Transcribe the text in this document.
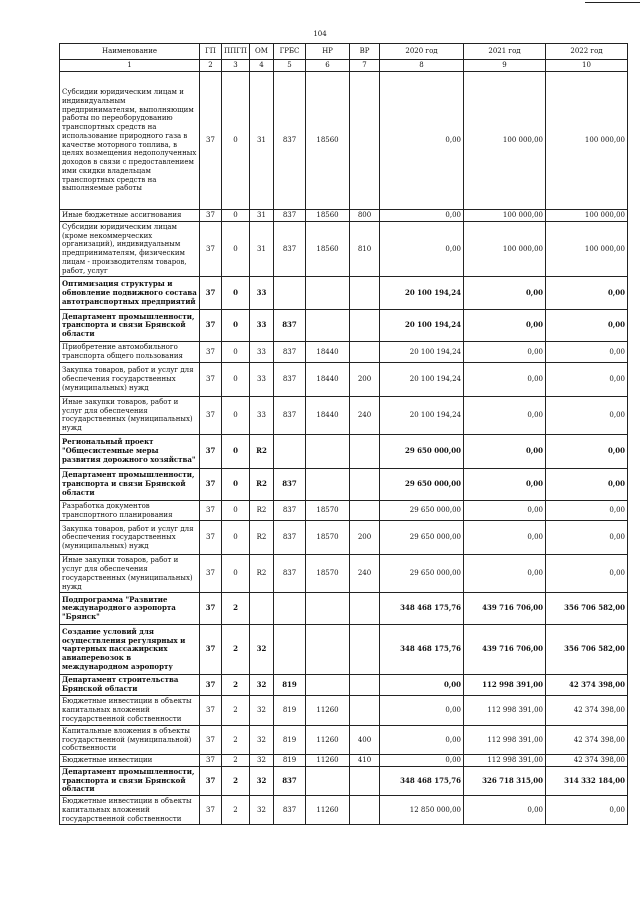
104
Наименование	ГП	ППГП	ОМ	ГРБС	НР	ВР	2020 год	2021 год	2022 год
1	2	3	4	5	6	7	8	9	10
Субсидии юридическим лицам и индивидуальным предпринимателям, выполняющим работы по переоборудованию транспортных средств на использование природного газа в качестве моторного топлива, в целях возмещения недополученных доходов в связи с предоставлением ими скидки владельцам транспортных средств на выполняемые работы	37	0	31	837	18560		0,00	100 000,00	100 000,00
Иные бюджетные ассигнования	37	0	31	837	18560	800	0,00	100 000,00	100 000,00
Субсидии юридическим лицам (кроме некоммерческих организаций), индивидуальным предпринимателям, физическим лицам - производителям товаров, работ, услуг	37	0	31	837	18560	810	0,00	100 000,00	100 000,00
Оптимизация структуры и обновление подвижного состава автотранспортных предприятий	37	0	33				20 100 194,24	0,00	0,00
Департамент промышленности, транспорта и связи Брянской области	37	0	33	837			20 100 194,24	0,00	0,00
Приобретение автомобильного транспорта общего пользования	37	0	33	837	18440		20 100 194,24	0,00	0,00
Закупка товаров, работ и услуг для обеспечения государственных (муниципальных) нужд	37	0	33	837	18440	200	20 100 194,24	0,00	0,00
Иные закупки товаров, работ и услуг для обеспечения государственных (муниципальных) нужд	37	0	33	837	18440	240	20 100 194,24	0,00	0,00
Региональный проект "Общесистемные меры развития дорожного хозяйства"	37	0	R2				29 650 000,00	0,00	0,00
Департамент промышленности, транспорта и связи Брянской области	37	0	R2	837			29 650 000,00	0,00	0,00
Разработка документов транспортного планирования	37	0	R2	837	18570		29 650 000,00	0,00	0,00
Закупка товаров, работ и услуг для обеспечения государственных (муниципальных) нужд	37	0	R2	837	18570	200	29 650 000,00	0,00	0,00
Иные закупки товаров, работ и услуг для обеспечения государственных (муниципальных) нужд	37	0	R2	837	18570	240	29 650 000,00	0,00	0,00
Подпрограмма "Развитие международного аэропорта "Брянск"	37	2					348 468 175,76	439 716 706,00	356 706 582,00
Создание условий для осуществления регулярных и чартерных пассажирских авиаперевозок в международном аэропорту	37	2	32				348 468 175,76	439 716 706,00	356 706 582,00
Департамент строительства Брянской области	37	2	32	819			0,00	112 998 391,00	42 374 398,00
Бюджетные инвестиции в объекты капитальных вложений государственной собственности	37	2	32	819	11260		0,00	112 998 391,00	42 374 398,00
Капитальные вложения в объекты государственной (муниципальной) собственности	37	2	32	819	11260	400	0,00	112 998 391,00	42 374 398,00
Бюджетные инвестиции	37	2	32	819	11260	410	0,00	112 998 391,00	42 374 398,00
Департамент промышленности, транспорта и связи Брянской области	37	2	32	837			348 468 175,76	326 718 315,00	314 332 184,00
Бюджетные инвестиции в объекты капитальных вложений государственной собственности	37	2	32	837	11260		12 850 000,00	0,00	0,00
